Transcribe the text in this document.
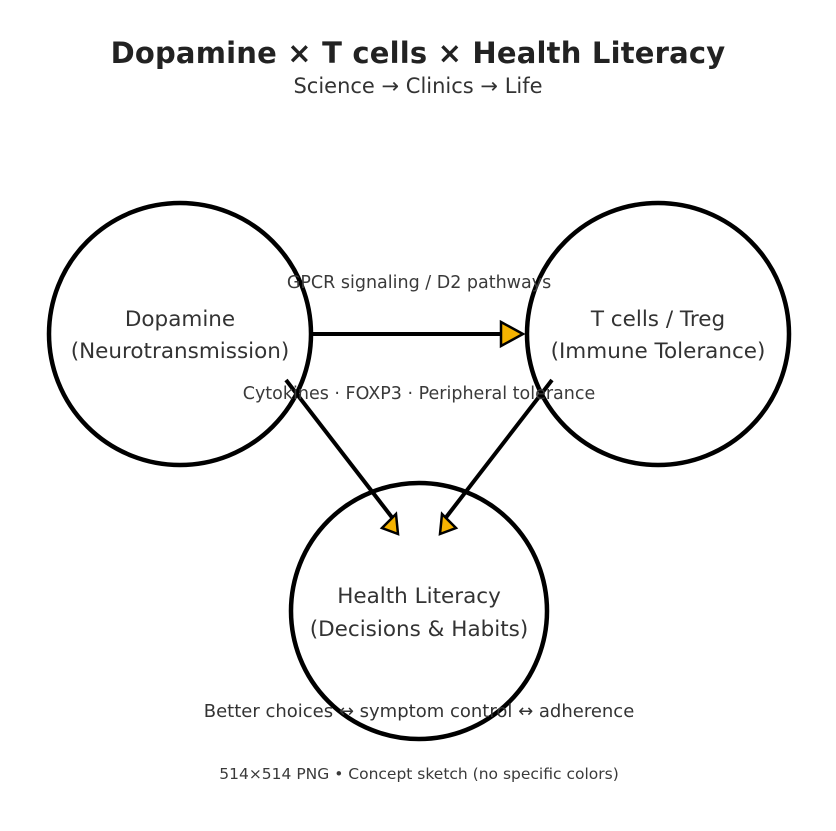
Dopamine × T cells × Health Literacy
Science → Clinics → Life
Dopamine
(Neurotransmission)
T cells / Treg
(Immune Tolerance)
Health Literacy
(Decisions & Habits)
GPCR signaling / D2 pathways
Cytokines · FOXP3 · Peripheral tolerance
Better choices ↔ symptom control ↔ adherence
514×514 PNG • Concept sketch (no specific colors)
